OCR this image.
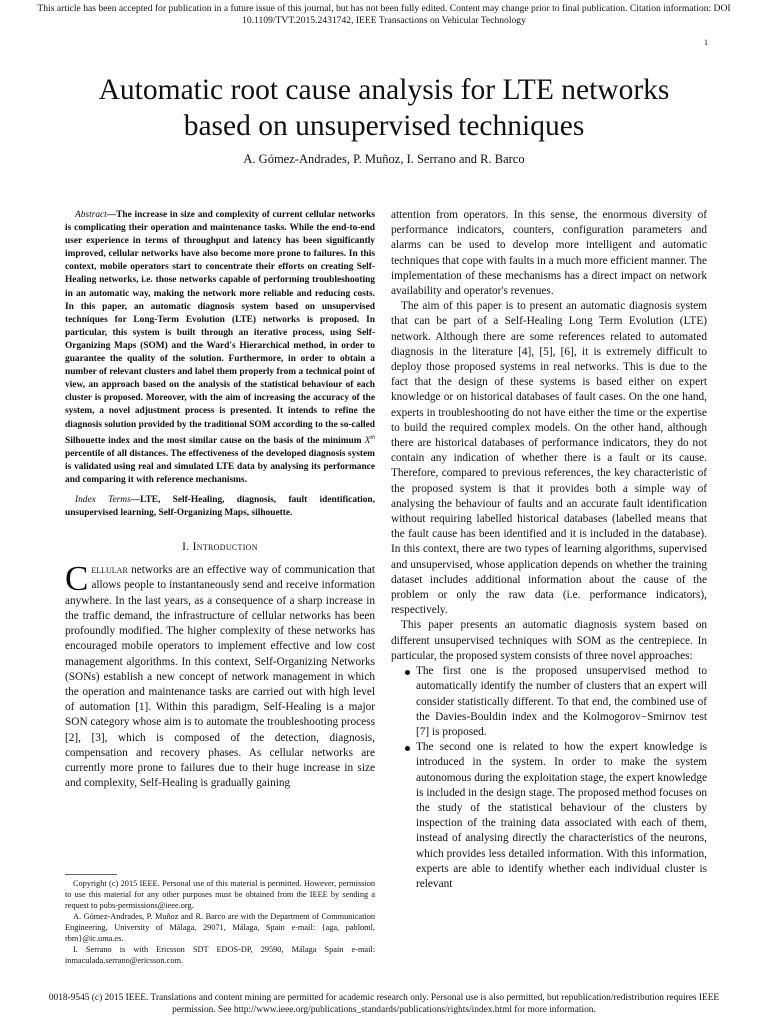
This article has been accepted for publication in a future issue of this journal, but has not been fully edited. Content may change prior to final publication. Citation information: DOI
10.1109/TVT.2015.2431742, IEEE Transactions on Vehicular Technology
1
Automatic root cause analysis for LTE networks
based on unsupervised techniques
A. Gómez-Andrades, P. Muñoz, I. Serrano and R. Barco

Abstract—The increase in size and complexity of current cellular networks is complicating their operation and maintenance tasks. While the end-to-end user experience in terms of throughput and latency has been significantly improved, cellular networks have also become more prone to failures. In this context, mobile operators start to concentrate their efforts on creating Self-Healing networks, i.e. those networks capable of performing troubleshooting in an automatic way, making the network more reliable and reducing costs. In this paper, an automatic diagnosis system based on unsupervised techniques for Long-Term Evolution (LTE) networks is proposed. In particular, this system is built through an iterative process, using Self-Organizing Maps (SOM) and the Ward's Hierarchical method, in order to guarantee the quality of the solution. Furthermore, in order to obtain a number of relevant clusters and label them properly from a technical point of view, an approach based on the analysis of the statistical behaviour of each cluster is proposed. Moreover, with the aim of increasing the accuracy of the system, a novel adjustment process is presented. It intends to refine the diagnosis solution provided by the traditional SOM according to the so-called Silhouette index and the most similar cause on the basis of the minimum Xth percentile of all distances. The effectiveness of the developed diagnosis system is validated using real and simulated LTE data by analysing its performance and comparing it with reference mechanisms.

Index Terms—LTE, Self-Healing, diagnosis, fault identification, unsupervised learning, Self-Organizing Maps, silhouette.

I. Introduction

Cellular networks are an effective way of communication that allows people to instantaneously send and receive information anywhere. In the last years, as a consequence of a sharp increase in the traffic demand, the infrastructure of cellular networks has been profoundly modified. The higher complexity of these networks has encouraged mobile operators to implement effective and low cost management algorithms. In this context, Self-Organizing Networks (SONs) establish a new concept of network management in which the operation and maintenance tasks are carried out with high level of automation [1]. Within this paradigm, Self-Healing is a major SON category whose aim is to automate the troubleshooting process [2], [3], which is composed of the detection, diagnosis, compensation and recovery phases. As cellular networks are currently more prone to failures due to their huge increase in size and complexity, Self-Healing is gradually gaining

attention from operators. In this sense, the enormous diversity of performance indicators, counters, configuration parameters and alarms can be used to develop more intelligent and automatic techniques that cope with faults in a much more efficient manner. The implementation of these mechanisms has a direct impact on network availability and operator's revenues.

The aim of this paper is to present an automatic diagnosis system that can be part of a Self-Healing Long Term Evolution (LTE) network. Although there are some references related to automated diagnosis in the literature [4], [5], [6], it is extremely difficult to deploy those proposed systems in real networks. This is due to the fact that the design of these systems is based either on expert knowledge or on historical databases of fault cases. On the one hand, experts in troubleshooting do not have either the time or the expertise to build the required complex models. On the other hand, although there are historical databases of performance indicators, they do not contain any indication of whether there is a fault or its cause. Therefore, compared to previous references, the key characteristic of the proposed system is that it provides both a simple way of analysing the behaviour of faults and an accurate fault identification without requiring labelled historical databases (labelled means that the fault cause has been identified and it is included in the database). In this context, there are two types of learning algorithms, supervised and unsupervised, whose application depends on whether the training dataset includes additional information about the cause of the problem or only the raw data (i.e. performance indicators), respectively.

This paper presents an automatic diagnosis system based on different unsupervised techniques with SOM as the centrepiece. In particular, the proposed system consists of three novel approaches:

The first one is the proposed unsupervised method to automatically identify the number of clusters that an expert will consider statistically different. To that end, the combined use of the Davies-Bouldin index and the Kolmogorov−Smirnov test [7] is proposed.
The second one is related to how the expert knowledge is introduced in the system. In order to make the system autonomous during the exploitation stage, the expert knowledge is included in the design stage. The proposed method focuses on the study of the statistical behaviour of the clusters by inspection of the training data associated with each of them, instead of analysing directly the characteristics of the neurons, which provides less detailed information. With this information, experts are able to identify whether each individual cluster is relevant

Copyright (c) 2015 IEEE. Personal use of this material is permitted. However, permission to use this material for any other purposes must be obtained from the IEEE by sending a request to pubs-permissions@ieee.org.

A. Gómez-Andrades, P. Muñoz and R. Barco are with the Department of Communication Engineering, University of Málaga, 29071, Málaga, Spain e-mail: {aga, pabloml, rbm}@ic.uma.es.

I. Serrano is with Ericsson SDT EDOS-DP, 29590, Málaga Spain e-mail: inmaculada.serrano@ericsson.com.

0018-9545 (c) 2015 IEEE. Translations and content mining are permitted for academic research only. Personal use is also permitted, but republication/redistribution requires IEEE
permission. See http://www.ieee.org/publications_standards/publications/rights/index.html for more information.
